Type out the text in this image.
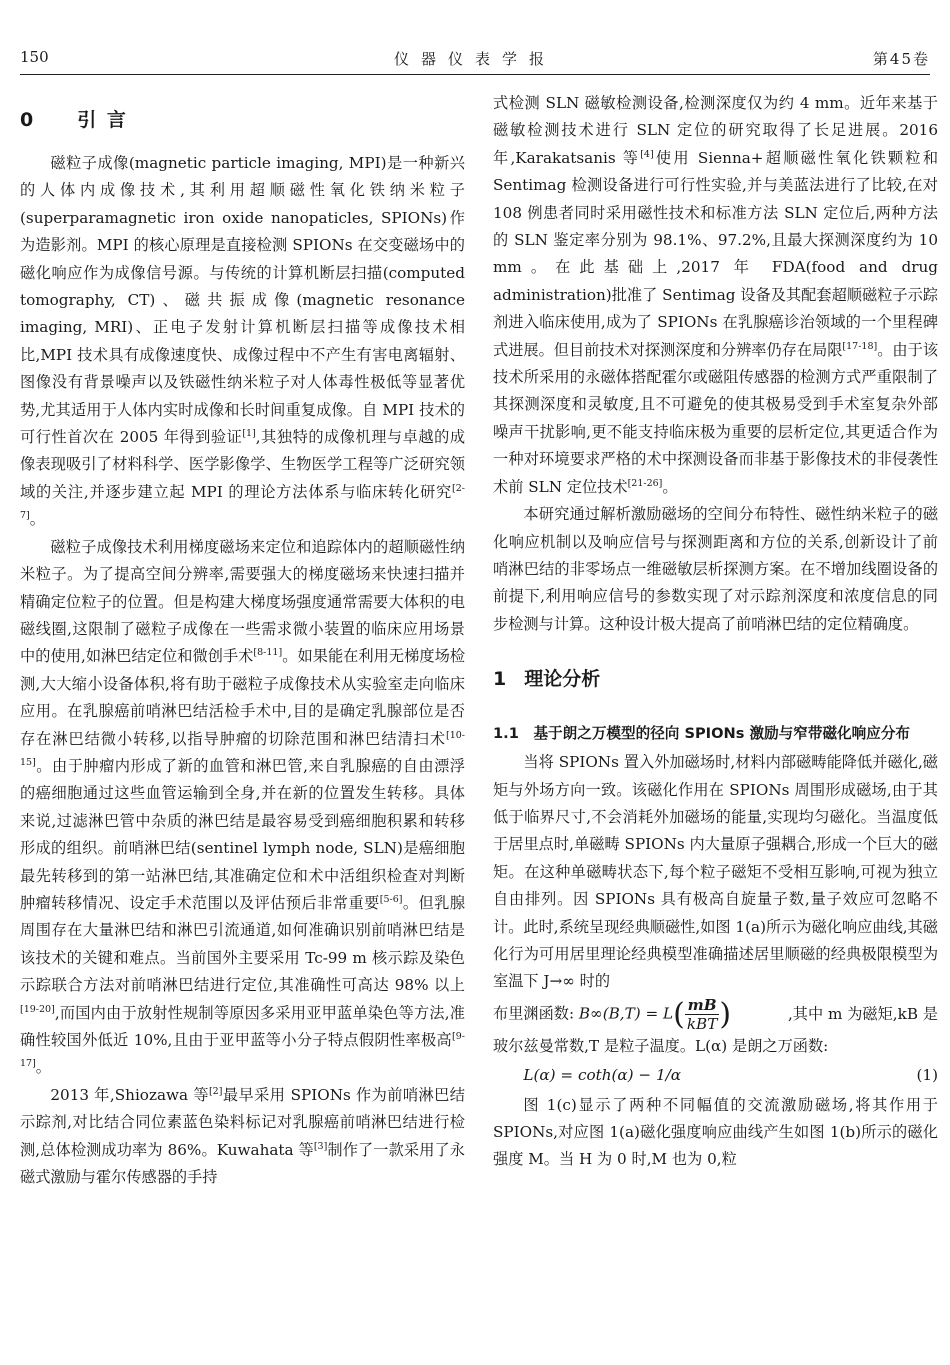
150	仪器仪表学报	第45卷
0 引 言

磁粒子成像(magnetic particle imaging, MPI)是一种新兴的人体内成像技术,其利用超顺磁性氧化铁纳米粒子(superparamagnetic iron oxide nanopaticles, SPIONs)作为造影剂。MPI 的核心原理是直接检测 SPIONs 在交变磁场中的磁化响应作为成像信号源。与传统的计算机断层扫描(computed tomography, CT)、磁共振成像(magnetic resonance imaging, MRI)、正电子发射计算机断层扫描等成像技术相比,MPI 技术具有成像速度快、成像过程中不产生有害电离辐射、图像没有背景噪声以及铁磁性纳米粒子对人体毒性极低等显著优势,尤其适用于人体内实时成像和长时间重复成像。自 MPI 技术的可行性首次在 2005 年得到验证[1],其独特的成像机理与卓越的成像表现吸引了材料科学、医学影像学、生物医学工程等广泛研究领域的关注,并逐步建立起 MPI 的理论方法体系与临床转化研究[2-7]。

磁粒子成像技术利用梯度磁场来定位和追踪体内的超顺磁性纳米粒子。为了提高空间分辨率,需要强大的梯度磁场来快速扫描并精确定位粒子的位置。但是构建大梯度场强度通常需要大体积的电磁线圈,这限制了磁粒子成像在一些需求微小装置的临床应用场景中的使用,如淋巴结定位和微创手术[8-11]。如果能在利用无梯度场检测,大大缩小设备体积,将有助于磁粒子成像技术从实验室走向临床应用。在乳腺癌前哨淋巴结活检手术中,目的是确定乳腺部位是否存在淋巴结微小转移,以指导肿瘤的切除范围和淋巴结清扫术[10-15]。由于肿瘤内形成了新的血管和淋巴管,来自乳腺癌的自由漂浮的癌细胞通过这些血管运输到全身,并在新的位置发生转移。具体来说,过滤淋巴管中杂质的淋巴结是最容易受到癌细胞积累和转移形成的组织。前哨淋巴结(sentinel lymph node, SLN)是癌细胞最先转移到的第一站淋巴结,其准确定位和术中活组织检查对判断肿瘤转移情况、设定手术范围以及评估预后非常重要[5-6]。但乳腺周围存在大量淋巴结和淋巴引流通道,如何准确识别前哨淋巴结是该技术的关键和难点。当前国外主要采用 Tc-99 m 核示踪及染色示踪联合方法对前哨淋巴结进行定位,其准确性可高达 98% 以上[19-20],而国内由于放射性规制等原因多采用亚甲蓝单染色等方法,准确性较国外低近 10%,且由于亚甲蓝等小分子特点假阴性率极高[9-17]。

2013 年,Shiozawa 等[2]最早采用 SPIONs 作为前哨淋巴结示踪剂,对比结合同位素蓝色染料标记对乳腺癌前哨淋巴结进行检测,总体检测成功率为 86%。Kuwahata 等[3]制作了一款采用了永磁式激励与霍尔传感器的手持

式检测 SLN 磁敏检测设备,检测深度仅为约 4 mm。近年来基于磁敏检测技术进行 SLN 定位的研究取得了长足进展。2016 年,Karakatsanis 等[4]使用 Sienna+超顺磁性氧化铁颗粒和 Sentimag 检测设备进行可行性实验,并与美蓝法进行了比较,在对 108 例患者同时采用磁性技术和标准方法 SLN 定位后,两种方法的 SLN 鉴定率分别为 98.1%、97.2%,且最大探测深度约为 10 mm。在此基础上,2017 年 FDA(food and drug administration)批准了 Sentimag 设备及其配套超顺磁粒子示踪剂进入临床使用,成为了 SPIONs 在乳腺癌诊治领域的一个里程碑式进展。但目前技术对探测深度和分辨率仍存在局限[17-18]。由于该技术所采用的永磁体搭配霍尔或磁阻传感器的检测方式严重限制了其探测深度和灵敏度,且不可避免的使其极易受到手术室复杂外部噪声干扰影响,更不能支持临床极为重要的层析定位,其更适合作为一种对环境要求严格的术中探测设备而非基于影像技术的非侵袭性术前 SLN 定位技术[21-26]。

本研究通过解析激励磁场的空间分布特性、磁性纳米粒子的磁化响应机制以及响应信号与探测距离和方位的关系,创新设计了前哨淋巴结的非零场点一维磁敏层析探测方案。在不增加线圈设备的前提下,利用响应信号的参数实现了对示踪剂深度和浓度信息的同步检测与计算。这种设计极大提高了前哨淋巴结的定位精确度。

1 理论分析
1.1　基于朗之万模型的径向 SPIONs 激励与窄带磁化响应分布

当将 SPIONs 置入外加磁场时,材料内部磁畴能降低并磁化,磁矩与外场方向一致。该磁化作用在 SPIONs 周围形成磁场,由于其低于临界尺寸,不会消耗外加磁场的能量,实现均匀磁化。当温度低于居里点时,单磁畴 SPIONs 内大量原子强耦合,形成一个巨大的磁矩。在这种单磁畴状态下,每个粒子磁矩不受相互影响,可视为独立自由排列。因 SPIONs 具有极高自旋量子数,量子效应可忽略不计。此时,系统呈现经典顺磁性,如图 1(a)所示为磁化响应曲线,其磁化行为可用居里理论经典模型准确描述居里顺磁的经典极限模型为室温下 J→∞ 时的

布里渊函数: $B\infty(B,T) = L( \frac{mB}{\text{kBT}}$ )	,其中 m 为磁矩,kB 是

玻尔兹曼常数,T 是粒子温度。L(α) 是朗之万函数:

L(α) = coth(α) − 1/α	(1)

图 1(c)显示了两种不同幅值的交流激励磁场,将其作用于 SPIONs,对应图 1(a)磁化强度响应曲线产生如图 1(b)所示的磁化强度 M。当 H 为 0 时,M 也为 0,粒
